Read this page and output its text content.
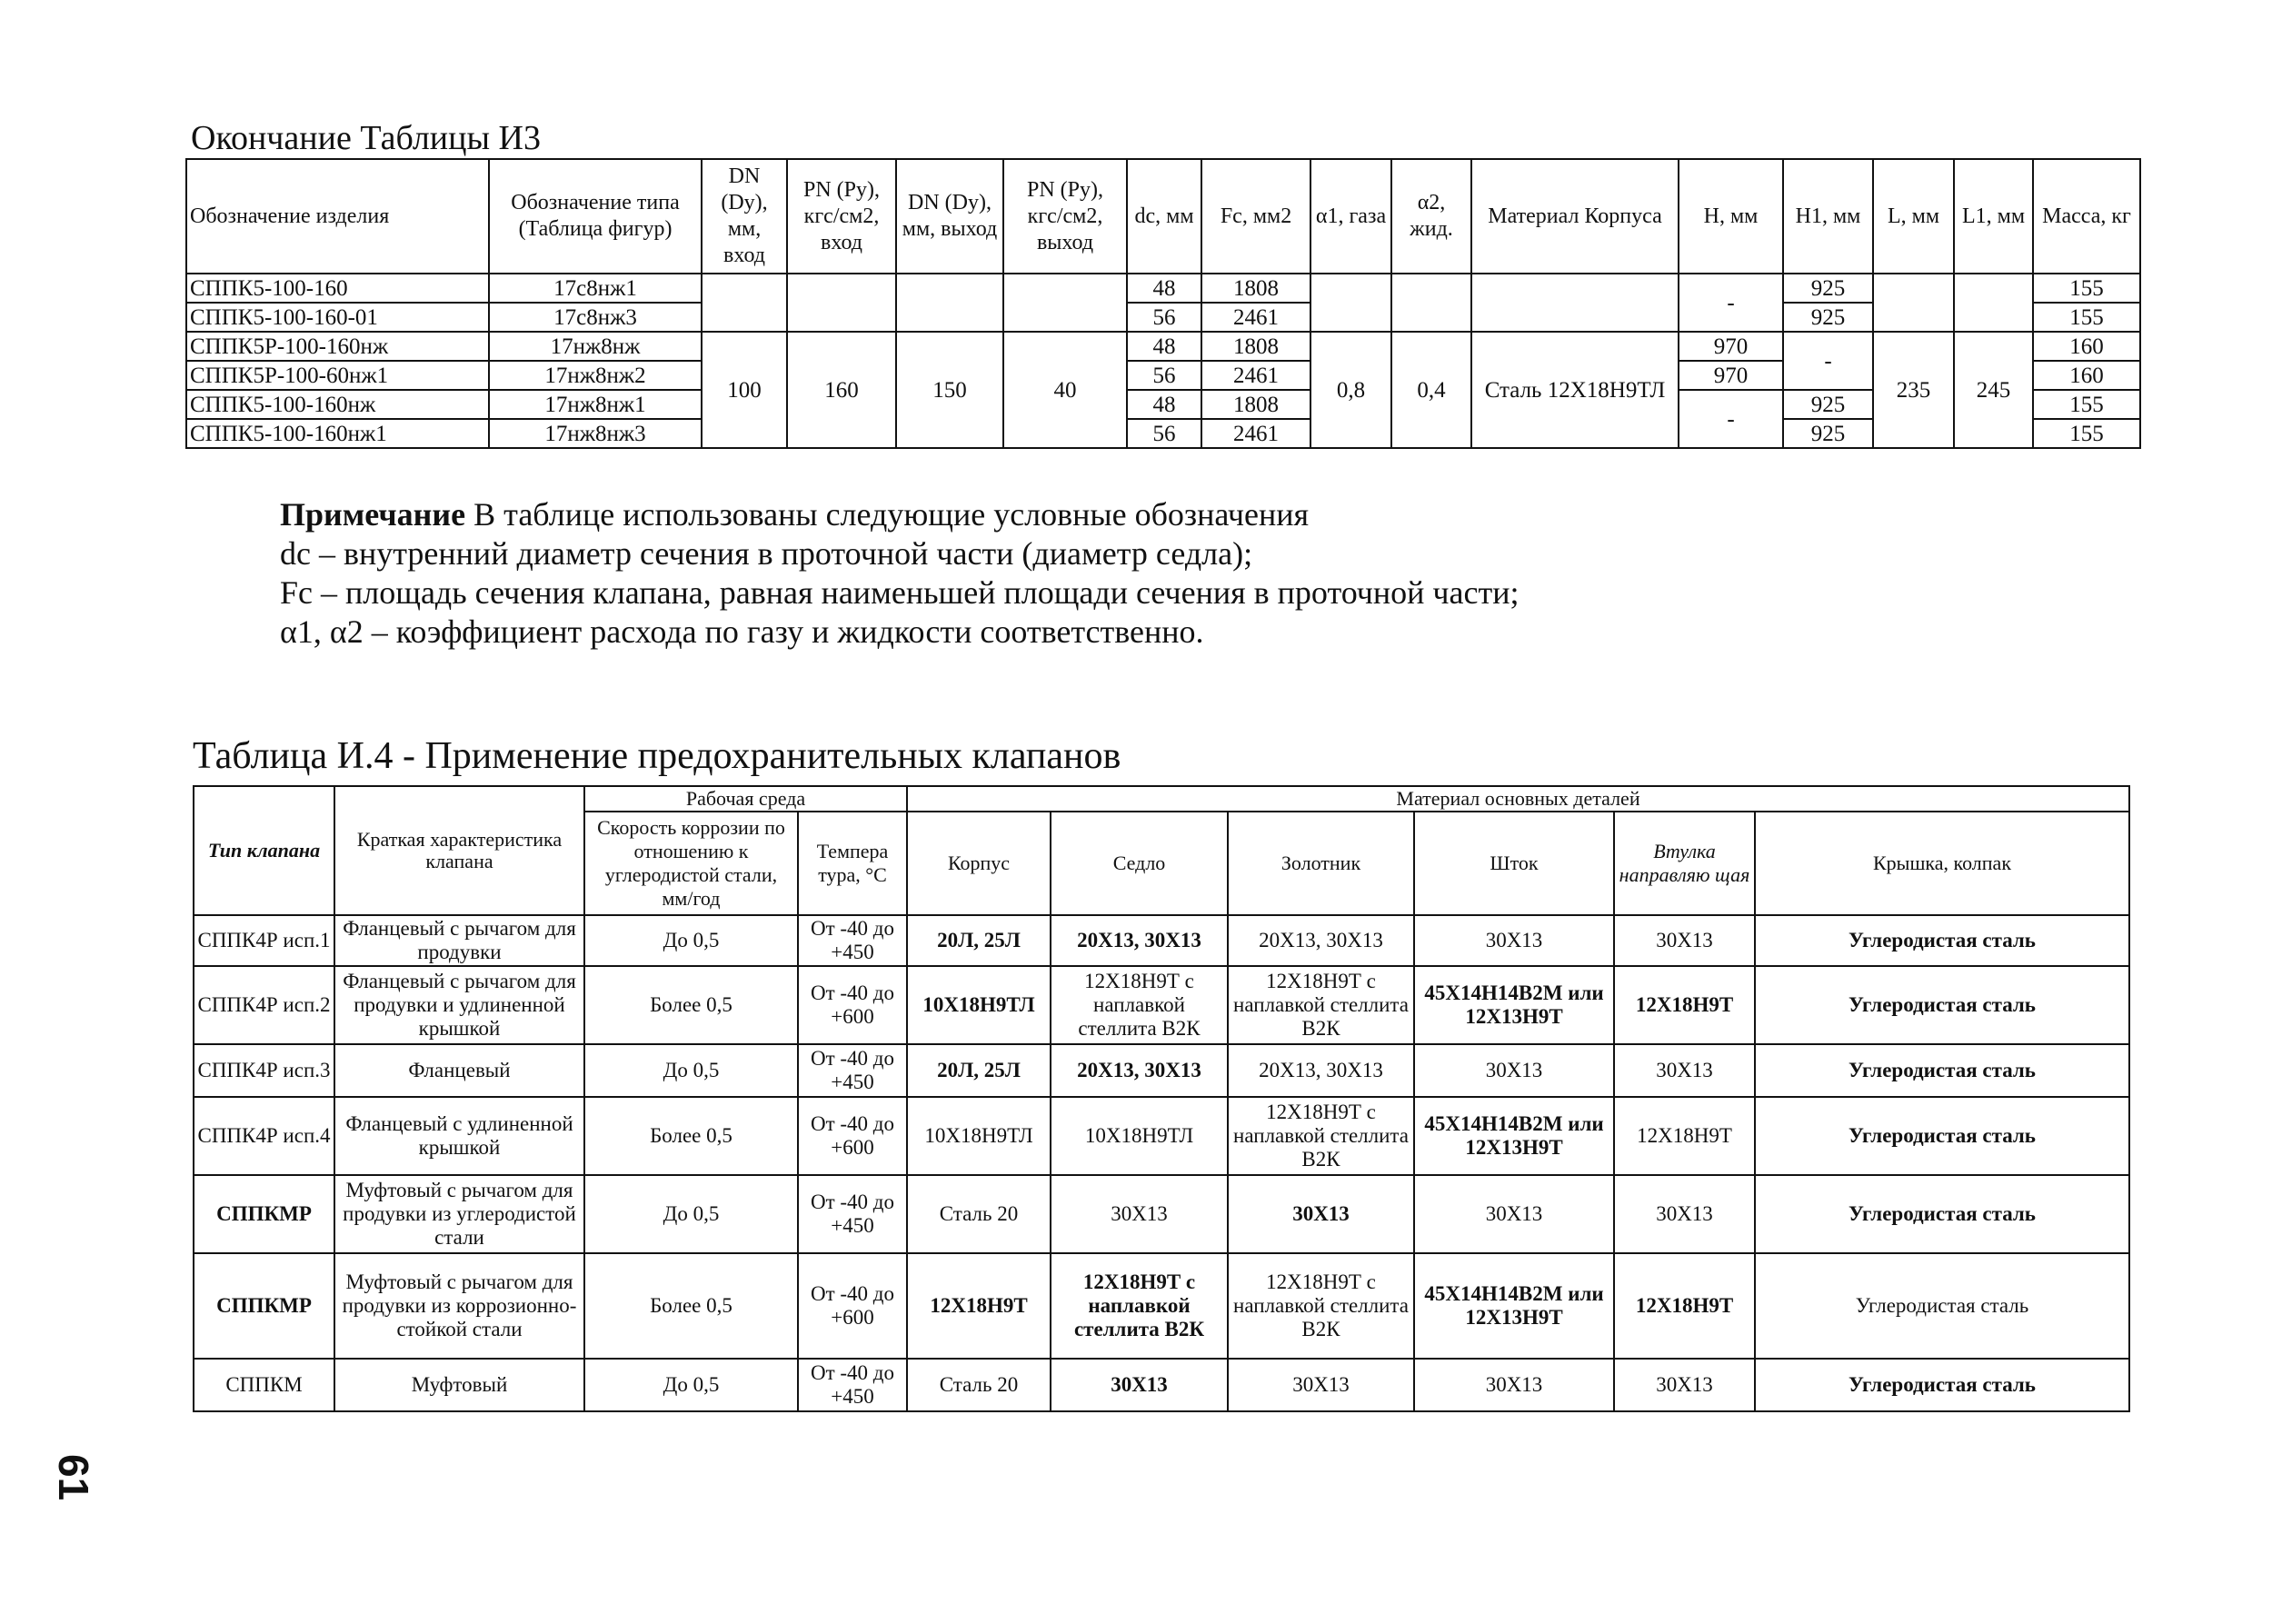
Окончание Таблицы И3
Обозначение изделия	Обозначение типа (Таблица фигур)	DN (Dy), мм, вход	PN (Py), кгс/см2, вход	DN (Dy), мм, выход	PN (Py), кгс/см2, выход	dc, мм	Fc, мм2	α1, газа	α2, жид.	Материал Корпуса	H, мм	H1, мм	L, мм	L1, мм	Масса, кг
СППК5-100-160	17с8нж1					48	1808				-	925			155
СППК5-100-160-01	17с8нж3					56	2461					925			155
СППК5Р-100-160нж	17нж8нж	100	160	150	40	48	1808	0,8	0,4	Сталь 12Х18Н9ТЛ	970	-	235	245	160
СППК5Р-100-60нж1	17нж8нж2					56	2461				970				160
СППК5-100-160нж	17нж8нж1					48	1808				-	925			155
СППК5-100-160нж1	17нж8нж3					56	2461					925			155
Примечание В таблице использованы следующие условные обозначения
dс – внутренний диаметр сечения в проточной части (диаметр седла);
Fс – площадь сечения клапана, равная наименьшей площади сечения в проточной части;
α1, α2 – коэффициент расхода по газу и жидкости соответственно.
Таблица И.4 - Применение предохранительных клапанов
Тип клапана	Краткая характеристика клапана	Рабочая среда		Материал основных деталей					
		Скорость коррозии по отношению к углеродистой стали, мм/год	Темпера тура, °С	Корпус	Седло	Золотник	Шток	Втулка направляю щая	Крышка, колпак
СППК4Р исп.1	Фланцевый с рычагом для продувки	До 0,5	От -40 до +450	20Л, 25Л	20Х13, 30Х13	20Х13, 30Х13	30Х13	30Х13	Углеродистая сталь
СППК4Р исп.2	Фланцевый с рычагом для продувки и удлиненной крышкой	Более 0,5	От -40 до +600	10Х18Н9ТЛ	12Х18Н9Т с наплавкой стеллита В2К	12Х18Н9Т с наплавкой стеллита В2К	45Х14Н14В2М или 12Х13Н9Т	12Х18Н9Т	Углеродистая сталь
СППК4Р исп.3	Фланцевый	До 0,5	От -40 до +450	20Л, 25Л	20Х13, 30Х13	20Х13, 30Х13	30Х13	30Х13	Углеродистая сталь
СППК4Р исп.4	Фланцевый с удлиненной крышкой	Более 0,5	От -40 до +600	10Х18Н9ТЛ	10Х18Н9ТЛ	12Х18Н9Т с наплавкой стеллита В2К	45Х14Н14В2М или 12Х13Н9Т	12Х18Н9Т	Углеродистая сталь
СППКМР	Муфтовый с рычагом для продувки из углеродистой стали	До 0,5	От -40 до +450	Сталь 20	30Х13	30Х13	30Х13	30Х13	Углеродистая сталь
СППКМР	Муфтовый с рычагом для продувки из коррозионно-стойкой стали	Более 0,5	От -40 до +600	12Х18Н9Т	12Х18Н9Т с наплавкой стеллита В2К	12Х18Н9Т с наплавкой стеллита В2К	45Х14Н14В2М или 12Х13Н9Т	12Х18Н9Т	Углеродистая сталь
СППКМ	Муфтовый	До 0,5	От -40 до +450	Сталь 20	30Х13	30Х13	30Х13	30Х13	Углеродистая сталь
61
